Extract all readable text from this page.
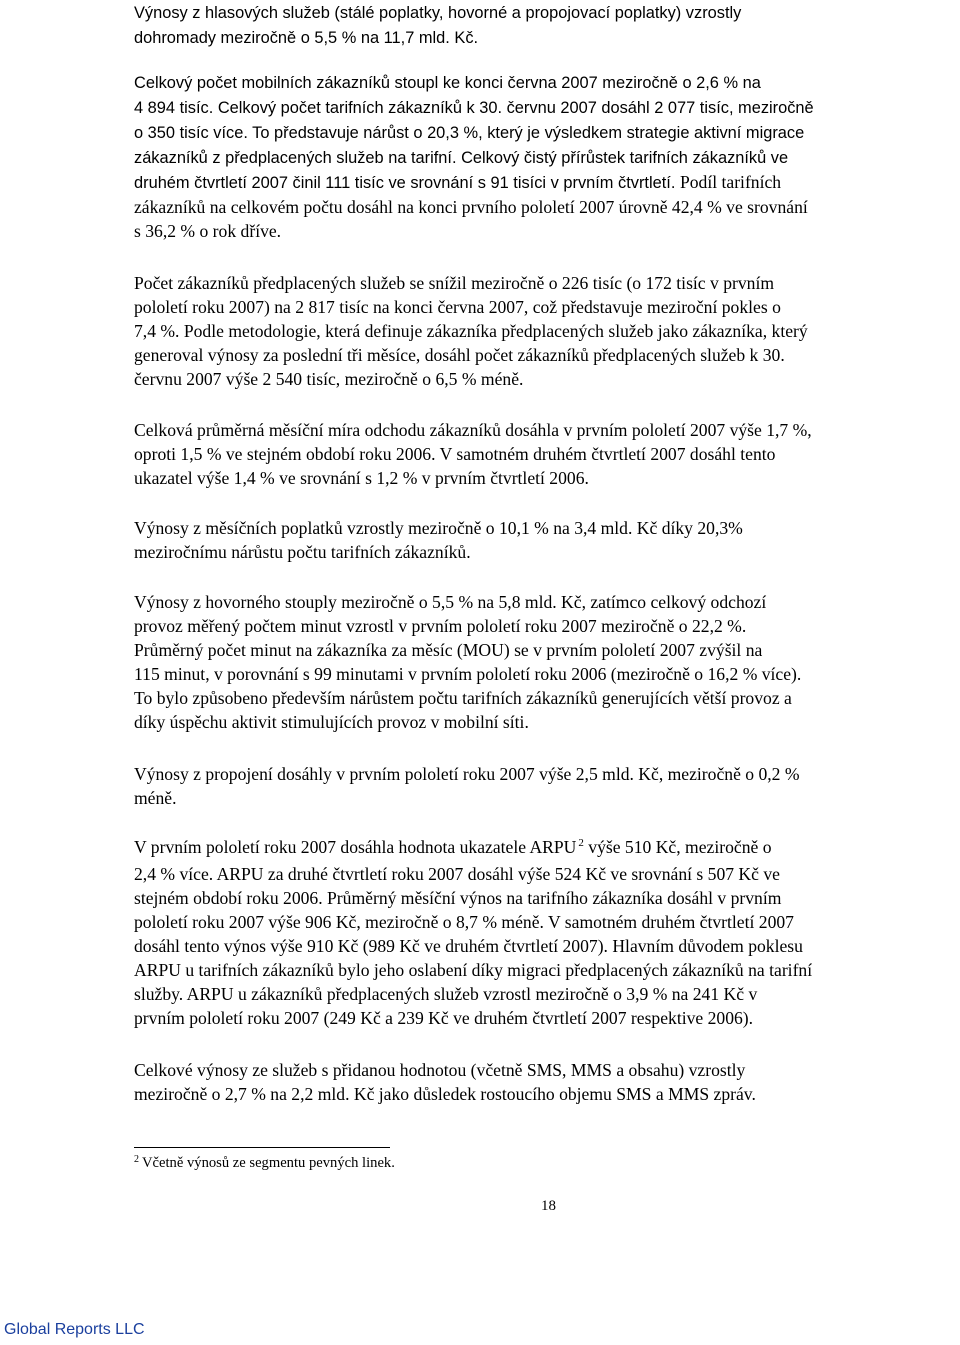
Výnosy z hlasových služeb (stálé poplatky, hovorné a propojovací poplatky) vzrostly
dohromady meziročně o 5,5 % na 11,7 mld. Kč.
Celkový počet mobilních zákazníků stoupl ke konci června 2007 meziročně o 2,6 % na
4 894 tisíc. Celkový počet tarifních zákazníků k 30. červnu 2007 dosáhl 2 077 tisíc, meziročně
o 350 tisíc více. To představuje nárůst o 20,3 %, který je výsledkem strategie aktivní migrace
zákazníků z předplacených služeb na tarifní. Celkový čistý přírůstek tarifních zákazníků ve
druhém čtvrtletí 2007 činil 111 tisíc ve srovnání s 91 tisíci v prvním čtvrtletí. Podíl tarifních
zákazníků na celkovém počtu dosáhl na konci prvního pololetí 2007 úrovně 42,4 % ve srovnání
s 36,2 % o rok dříve.
Počet zákazníků předplacených služeb se snížil meziročně o 226 tisíc (o 172 tisíc v prvním
pololetí roku 2007) na 2 817 tisíc na konci června 2007, což představuje meziroční pokles o
7,4 %. Podle metodologie, která definuje zákazníka předplacených služeb jako zákazníka, který
generoval výnosy za poslední tři měsíce, dosáhl počet zákazníků předplacených služeb k 30.
červnu 2007 výše 2 540 tisíc, meziročně o 6,5 % méně.
Celková průměrná měsíční míra odchodu zákazníků dosáhla v prvním pololetí 2007 výše 1,7 %,
oproti 1,5 % ve stejném období roku 2006. V samotném druhém čtvrtletí 2007 dosáhl tento
ukazatel výše 1,4 % ve srovnání s 1,2 % v prvním čtvrtletí 2006.
Výnosy z měsíčních poplatků vzrostly meziročně o 10,1 % na 3,4 mld. Kč díky 20,3%
meziročnímu nárůstu počtu tarifních zákazníků.
Výnosy z hovorného stouply meziročně o 5,5 % na 5,8 mld. Kč, zatímco celkový odchozí
provoz měřený počtem minut vzrostl v prvním pololetí roku 2007 meziročně o 22,2 %.
Průměrný počet minut na zákazníka za měsíc (MOU) se v prvním pololetí 2007 zvýšil na
115 minut, v porovnání s 99 minutami v prvním pololetí roku 2006 (meziročně o 16,2 % více).
To bylo způsobeno především nárůstem počtu tarifních zákazníků generujících větší provoz a
díky úspěchu aktivit stimulujících provoz v mobilní síti.
Výnosy z propojení dosáhly v prvním pololetí roku 2007 výše 2,5 mld. Kč, meziročně o 0,2 %
méně.
V prvním pololetí roku 2007 dosáhla hodnota ukazatele ARPU $^2$ výše 510 Kč, meziročně o
2,4 % více. ARPU za druhé čtvrtletí roku 2007 dosáhl výše 524 Kč ve srovnání s 507 Kč ve
stejném období roku 2006. Průměrný měsíční výnos na tarifního zákazníka dosáhl v prvním
pololetí roku 2007 výše 906 Kč, meziročně o 8,7 % méně. V samotném druhém čtvrtletí 2007
dosáhl tento výnos výše 910 Kč (989 Kč ve druhém čtvrtletí 2007). Hlavním důvodem poklesu
ARPU u tarifních zákazníků bylo jeho oslabení díky migraci předplacených zákazníků na tarifní
služby. ARPU u zákazníků předplacených služeb vzrostl meziročně o 3,9 % na 241 Kč v
prvním pololetí roku 2007 (249 Kč a 239 Kč ve druhém čtvrtletí 2007 respektive 2006).
Celkové výnosy ze služeb s přidanou hodnotou (včetně SMS, MMS a obsahu) vzrostly
meziročně o 2,7 % na 2,2 mld. Kč jako důsledek rostoucího objemu SMS a MMS zpráv.
$^2$ Včetně výnosů ze segmentu pevných linek.
18
Global Reports LLC
